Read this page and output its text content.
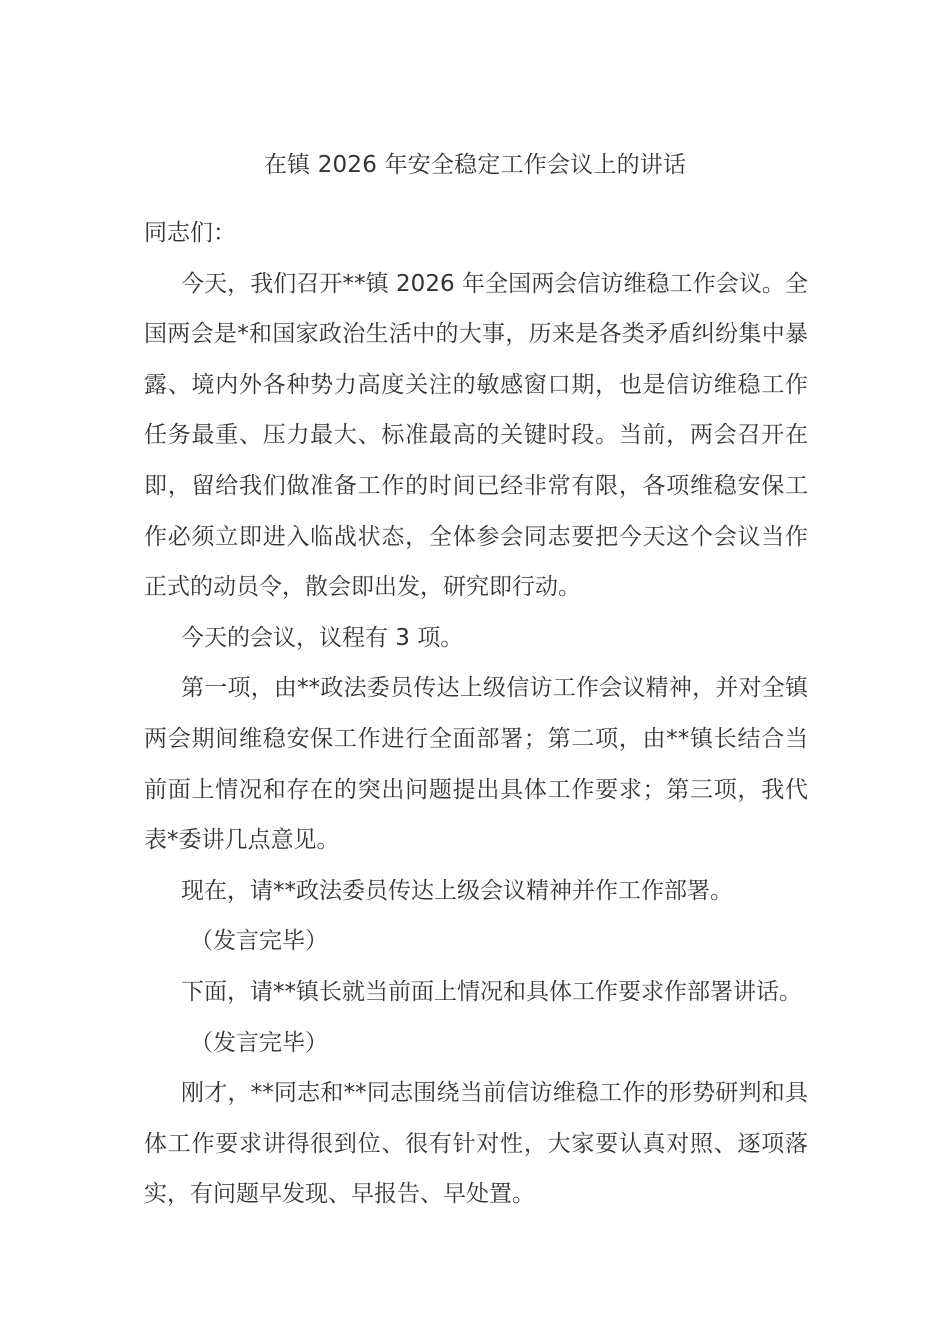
在镇 2026 年安全稳定工作会议上的讲话

同志们：

今天，我们召开**镇 2026 年全国两会信访维稳工作会议。全国两会是*和国家政治生活中的大事，历来是各类矛盾纠纷集中暴露、境内外各种势力高度关注的敏感窗口期，也是信访维稳工作任务最重、压力最大、标准最高的关键时段。当前，两会召开在即，留给我们做准备工作的时间已经非常有限，各项维稳安保工作必须立即进入临战状态，全体参会同志要把今天这个会议当作正式的动员令，散会即出发，研究即行动。

今天的会议，议程有 3 项。

第一项，由**政法委员传达上级信访工作会议精神，并对全镇两会期间维稳安保工作进行全面部署；第二项，由**镇长结合当前面上情况和存在的突出问题提出具体工作要求；第三项，我代表*委讲几点意见。

现在，请**政法委员传达上级会议精神并作工作部署。

（发言完毕）

下面，请**镇长就当前面上情况和具体工作要求作部署讲话。

（发言完毕）

刚才，**同志和**同志围绕当前信访维稳工作的形势研判和具体工作要求讲得很到位、很有针对性，大家要认真对照、逐项落实，有问题早发现、早报告、早处置。
